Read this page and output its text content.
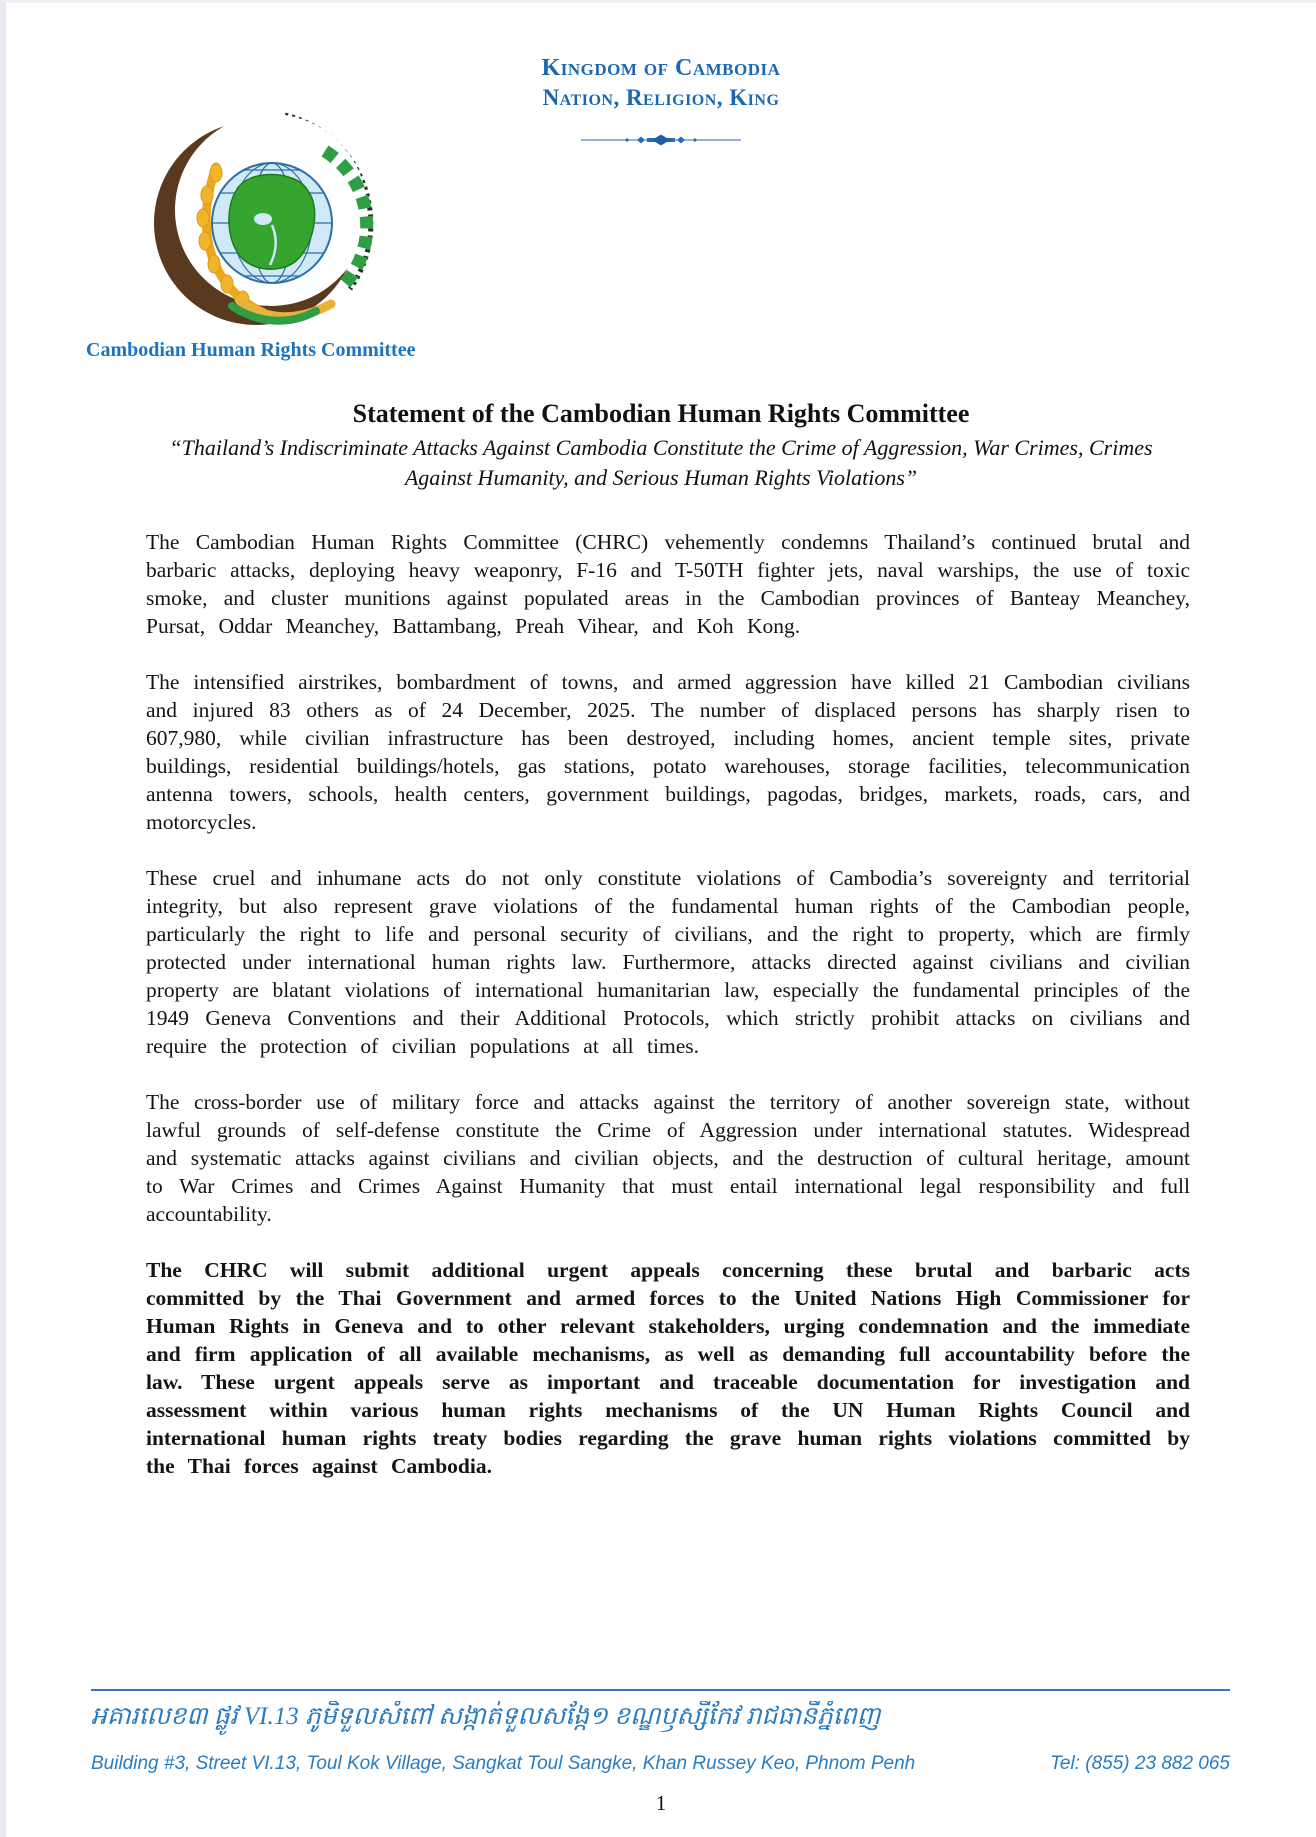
Kingdom of Cambodia
Nation, Religion, King
Cambodian Human Rights Committee
Statement of the Cambodian Human Rights Committee
“Thailand’s Indiscriminate Attacks Against Cambodia Constitute the Crime of Aggression, War Crimes, Crimes Against Humanity, and Serious Human Rights Violations”

The Cambodian Human Rights Committee (CHRC) vehemently condemns Thailand’s continued brutal and barbaric attacks, deploying heavy weaponry, F-16 and T-50TH fighter jets, naval warships, the use of toxic smoke, and cluster munitions against populated areas in the Cambodian provinces of Banteay Meanchey, Pursat, Oddar Meanchey, Battambang, Preah Vihear, and Koh Kong.

The intensified airstrikes, bombardment of towns, and armed aggression have killed 21 Cambodian civilians and injured 83 others as of 24 December, 2025. The number of displaced persons has sharply risen to 607,980, while civilian infrastructure has been destroyed, including homes, ancient temple sites, private buildings, residential buildings/hotels, gas stations, potato warehouses, storage facilities, telecommunication antenna towers, schools, health centers, government buildings, pagodas, bridges, markets, roads, cars, and motorcycles.

These cruel and inhumane acts do not only constitute violations of Cambodia’s sovereignty and territorial integrity, but also represent grave violations of the fundamental human rights of the Cambodian people, particularly the right to life and personal security of civilians, and the right to property, which are firmly protected under international human rights law. Furthermore, attacks directed against civilians and civilian property are blatant violations of international humanitarian law, especially the fundamental principles of the 1949 Geneva Conventions and their Additional Protocols, which strictly prohibit attacks on civilians and require the protection of civilian populations at all times.

The cross-border use of military force and attacks against the territory of another sovereign state, without lawful grounds of self-defense constitute the Crime of Aggression under international statutes. Widespread and systematic attacks against civilians and civilian objects, and the destruction of cultural heritage, amount to War Crimes and Crimes Against Humanity that must entail international legal responsibility and full accountability.

The CHRC will submit additional urgent appeals concerning these brutal and barbaric acts committed by the Thai Government and armed forces to the United Nations High Commissioner for Human Rights in Geneva and to other relevant stakeholders, urging condemnation and the immediate and firm application of all available mechanisms, as well as demanding full accountability before the law. These urgent appeals serve as important and traceable documentation for investigation and assessment within various human rights mechanisms of the UN Human Rights Council and international human rights treaty bodies regarding the grave human rights violations committed by the Thai forces against Cambodia.

អគារលេខ៣ ផ្លូវ VI.13 ភូមិទួលសំពៅ សង្កាត់ទួលសង្កែ១ ខណ្ឌឫស្សីកែវ រាជធានីភ្នំពេញ
Building #3, Street VI.13, Toul Kok Village, Sangkat Toul Sangke, Khan Russey Keo, Phnom Penh	Tel: (855) 23 882 065
1
